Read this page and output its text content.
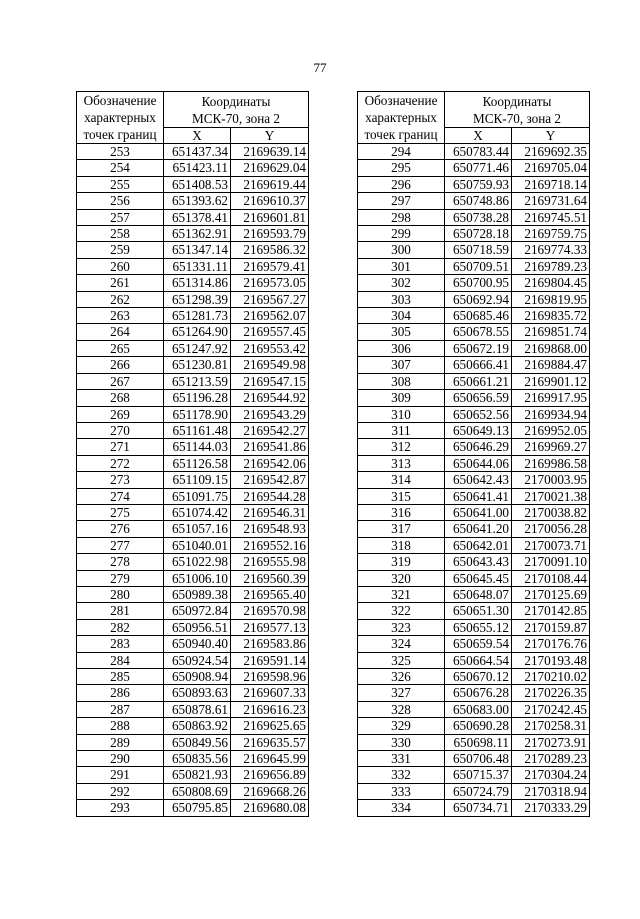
77
Обозначение
характерных
точек границ	Координаты
МСК-70, зона 2	
	X	Y
253	651437.34	2169639.14
254	651423.11	2169629.04
255	651408.53	2169619.44
256	651393.62	2169610.37
257	651378.41	2169601.81
258	651362.91	2169593.79
259	651347.14	2169586.32
260	651331.11	2169579.41
261	651314.86	2169573.05
262	651298.39	2169567.27
263	651281.73	2169562.07
264	651264.90	2169557.45
265	651247.92	2169553.42
266	651230.81	2169549.98
267	651213.59	2169547.15
268	651196.28	2169544.92
269	651178.90	2169543.29
270	651161.48	2169542.27
271	651144.03	2169541.86
272	651126.58	2169542.06
273	651109.15	2169542.87
274	651091.75	2169544.28
275	651074.42	2169546.31
276	651057.16	2169548.93
277	651040.01	2169552.16
278	651022.98	2169555.98
279	651006.10	2169560.39
280	650989.38	2169565.40
281	650972.84	2169570.98
282	650956.51	2169577.13
283	650940.40	2169583.86
284	650924.54	2169591.14
285	650908.94	2169598.96
286	650893.63	2169607.33
287	650878.61	2169616.23
288	650863.92	2169625.65
289	650849.56	2169635.57
290	650835.56	2169645.99
291	650821.93	2169656.89
292	650808.69	2169668.26
293	650795.85	2169680.08
Обозначение
характерных
точек границ	Координаты
МСК-70, зона 2	
	X	Y
294	650783.44	2169692.35
295	650771.46	2169705.04
296	650759.93	2169718.14
297	650748.86	2169731.64
298	650738.28	2169745.51
299	650728.18	2169759.75
300	650718.59	2169774.33
301	650709.51	2169789.23
302	650700.95	2169804.45
303	650692.94	2169819.95
304	650685.46	2169835.72
305	650678.55	2169851.74
306	650672.19	2169868.00
307	650666.41	2169884.47
308	650661.21	2169901.12
309	650656.59	2169917.95
310	650652.56	2169934.94
311	650649.13	2169952.05
312	650646.29	2169969.27
313	650644.06	2169986.58
314	650642.43	2170003.95
315	650641.41	2170021.38
316	650641.00	2170038.82
317	650641.20	2170056.28
318	650642.01	2170073.71
319	650643.43	2170091.10
320	650645.45	2170108.44
321	650648.07	2170125.69
322	650651.30	2170142.85
323	650655.12	2170159.87
324	650659.54	2170176.76
325	650664.54	2170193.48
326	650670.12	2170210.02
327	650676.28	2170226.35
328	650683.00	2170242.45
329	650690.28	2170258.31
330	650698.11	2170273.91
331	650706.48	2170289.23
332	650715.37	2170304.24
333	650724.79	2170318.94
334	650734.71	2170333.29
